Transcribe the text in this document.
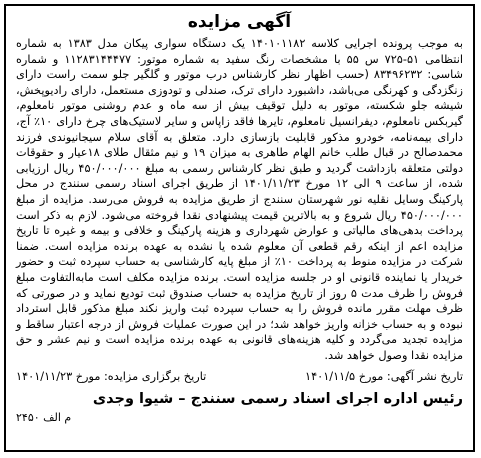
آگهی مزایده

به موجب پرونده اجرایی کلاسه ۱۴۰۱۰۱۱۸۲ یک دستگاه سواری پیکان مدل ۱۳۸۳ به شماره انتظامی ۵۱-۷۲۵ س ۵۵ با مشخصات رنگ سفید به شماره موتور: ۱۱۲۸۳۱۴۴۴۷۷ و شماره شاسی: ۸۳۴۹۶۲۳۲ (حسب اظهار نظر کارشناس درب موتور و گلگیر جلو سمت راست دارای زنگزدگی و کهرنگی می‌باشد، داشبورد دارای ترک، صندلی و تودوزی مستعمل، دارای رادیوپخش، شیشه جلو شکسته، موتور به دلیل توقیف بیش از سه ماه و عدم روشنی موتور نامعلوم، گیربکس نامعلوم، دیفرانسیل نامعلوم، تایرها فاقد زاپاس و سایر لاستیک‌های چرخ دارای ۱۰٪ آج، دارای بیمه‌نامه، خودرو مذکور قابلیت بازسازی دارد. متعلق به آقای سلام سیجانیوندی فرزند محمدصالح در قبال طلب خانم الهام طاهری به میزان ۱۹ و نیم مثقال طلای ۱۸عیار و حقوقات دولتی متعلقه بازداشت گردید و طبق نظر کارشناس رسمی به مبلغ ۴۵۰/۰۰۰/۰۰۰ ریال ارزیابی شده، از ساعت ۹ الی ۱۲ مورخ ۱۴۰۱/۱۱/۲۳ از طریق اجرای اسناد رسمی سنندج در محل پارکینگ وسایل نقلیه نور شهرستان سنندج از طریق مزایده به فروش می‌رسد. مزایده از مبلغ ۴۵۰/۰۰۰/۰۰۰ ریال شروع و به بالاترین قیمت پیشنهادی نقدا فروخته می‌شود. لازم به ذکر است پرداخت بدهی‌های مالیاتی و عوارض شهرداری و هزینه پارکینگ و خلافی و بیمه و غیره تا تاریخ مزایده اعم از اینکه رقم قطعی آن معلوم شده یا نشده به عهده برنده مزایده است. ضمنا شرکت در مزایده منوط به پرداخت ۱۰٪ از مبلغ پایه کارشناسی به حساب سپرده ثبت و حضور خریدار یا نماینده قانونی او در جلسه مزایده است. برنده مزایده مکلف است مابه‌التفاوت مبلغ فروش را ظرف مدت ۵ روز از تاریخ مزایده به حساب صندوق ثبت تودیع نماید و در صورتی که ظرف مهلت مقرر مانده فروش را به حساب سپرده ثبت واریز نکند مبلغ مذکور قابل استرداد نبوده و به حساب خزانه واریز خواهد شد؛ در این صورت عملیات فروش از درجه اعتبار ساقط و مزایده تجدید می‌گردد و کلیه هزینه‌های قانونی به عهده برنده مزایده است و نیم عشر و حق مزایده نقدا وصول خواهد شد.

تاریخ نشر آگهی: مورخ ۱۴۰۱/۱۱/۵
تاریخ برگزاری مزایده: مورخ ۱۴۰۱/۱۱/۲۳
رئیس اداره اجرای اسناد رسمی سنندج – شیوا وجدی
م الف ۲۴۵۰
